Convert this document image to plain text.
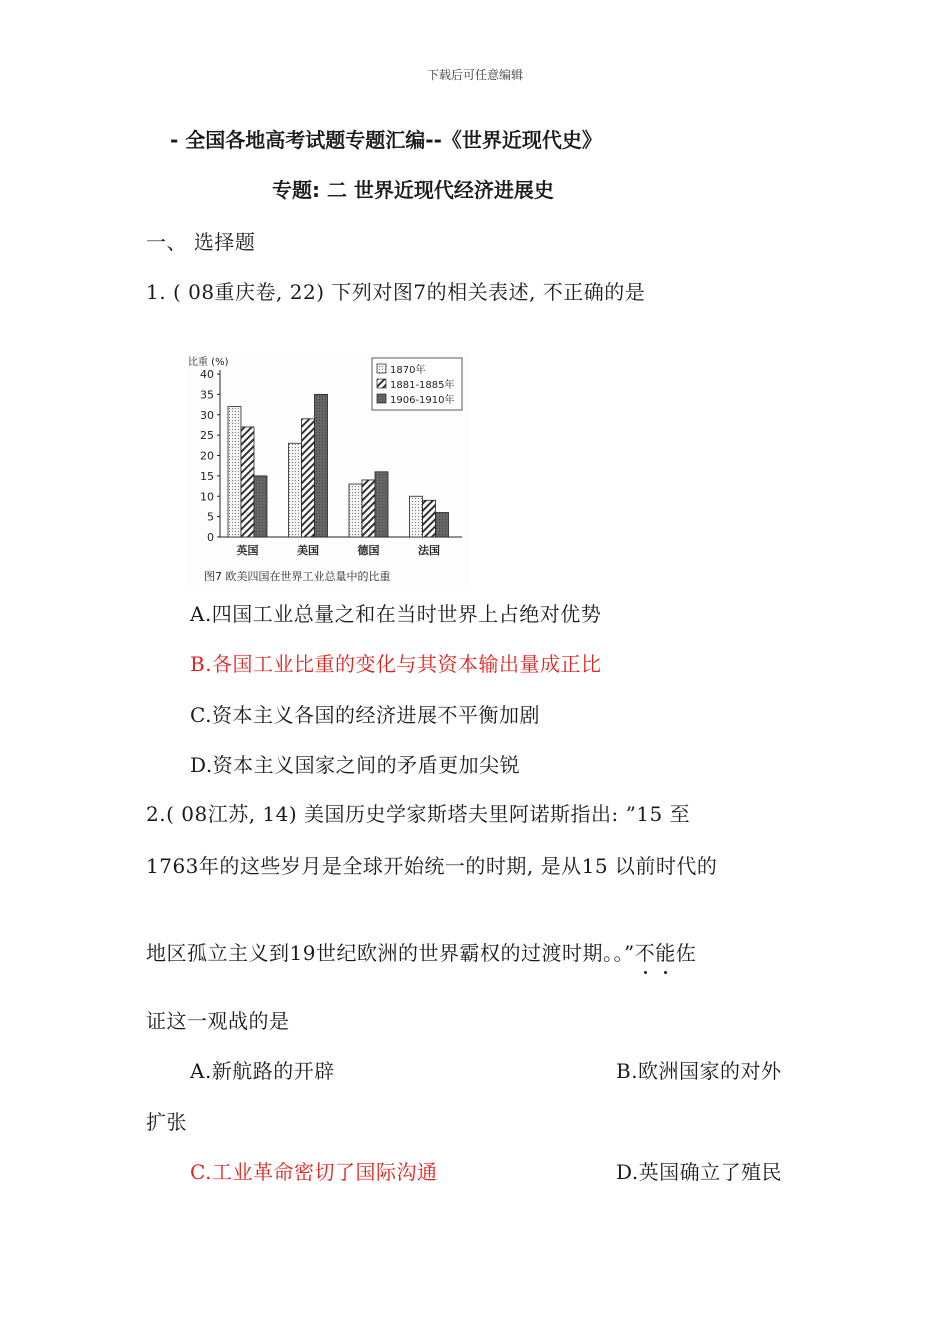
下载后可任意编辑
- 全国各地高考试题专题汇编--《世界近现代史》
专题: 二 世界近现代经济进展史
一、 选择题
1. ( 08重庆卷, 22) 下列对图7的相关表述, 不正确的是
比重 (%)
0
5
10
15
20
25
30
35
40
英国	美国	德国	法国
1870年
1881-1885年
1906-1910年
图7 欧美四国在世界工业总量中的比重
A.四国工业总量之和在当时世界上占绝对优势
B.各国工业比重的变化与其资本输出量成正比
C.资本主义各国的经济进展不平衡加剧
D.资本主义国家之间的矛盾更加尖锐
2.( 08江苏, 14) 美国历史学家斯塔夫里阿诺斯指出: ”15 至
1763年的这些岁月是全球开始统一的时期, 是从15 以前时代的
地区孤立主义到19世纪欧洲的世界霸权的过渡时期。。”不能佐
证这一观战的是
A.新航路的开辟	B.欧洲国家的对外
扩张
C.工业革命密切了国际沟通	D.英国确立了殖民
